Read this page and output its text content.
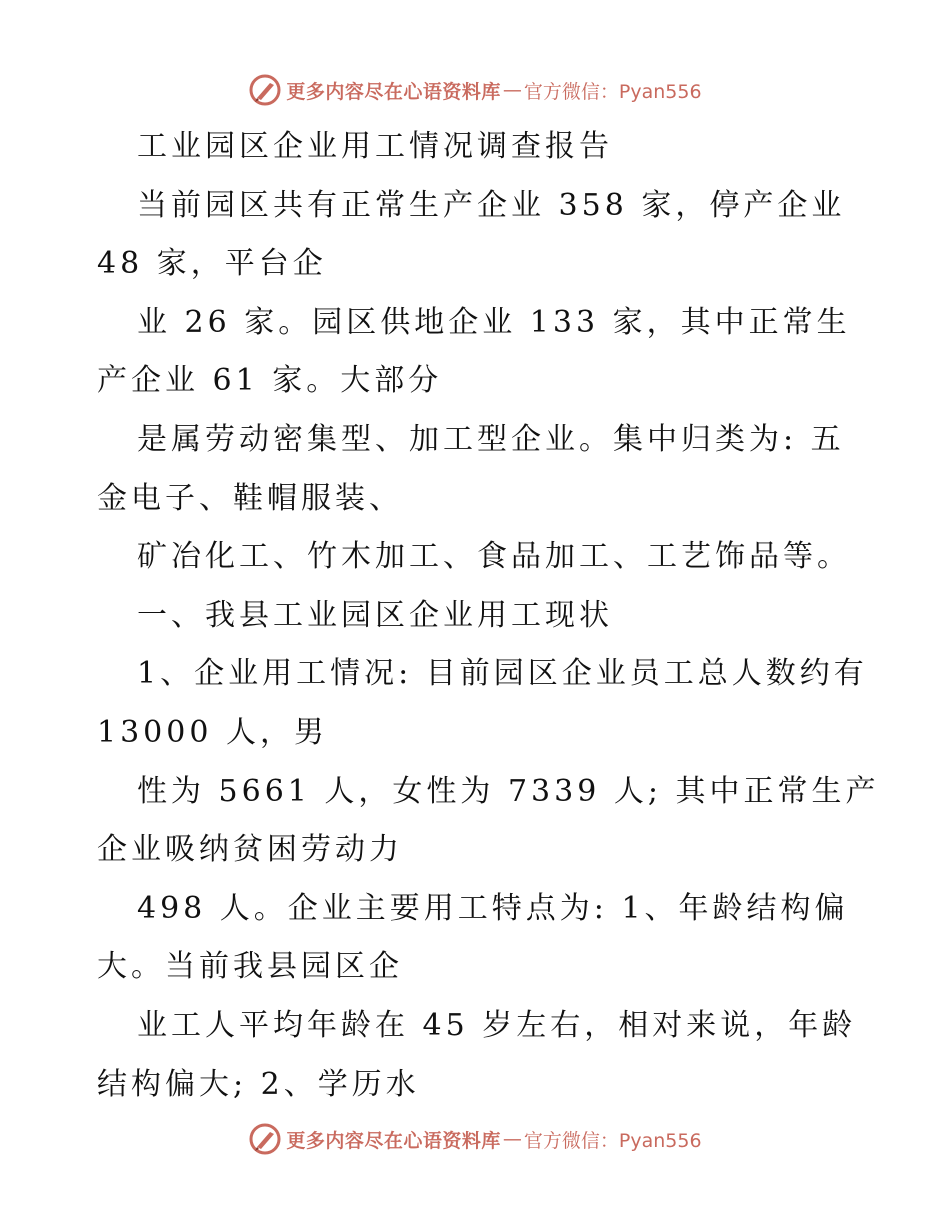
更多内容尽在心语资料库 — 官方微信：Pyan556
工业园区企业用工情况调查报告
当前园区共有正常生产企业 358 家，停产企业
48 家，平台企
业 26 家。园区供地企业 133 家，其中正常生
产企业 61 家。大部分
是属劳动密集型、加工型企业。集中归类为: 五
金电子、鞋帽服装、
矿冶化工、竹木加工、食品加工、工艺饰品等。
一、我县工业园区企业用工现状
1、企业用工情况: 目前园区企业员工总人数约有
13000 人，男
性为 5661 人，女性为 7339 人; 其中正常生产
企业吸纳贫困劳动力
498 人。企业主要用工特点为: 1、年龄结构偏
大。当前我县园区企
业工人平均年龄在 45 岁左右，相对来说，年龄
结构偏大; 2、学历水
更多内容尽在心语资料库 — 官方微信：Pyan556
